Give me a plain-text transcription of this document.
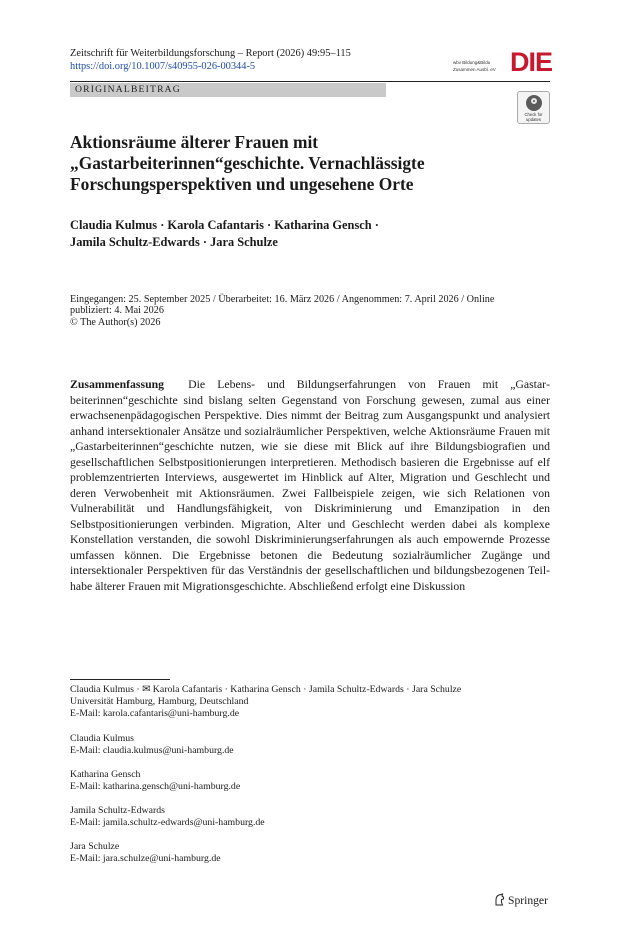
Zeitschrift für Weiterbildungsforschung – Report (2026) 49:95–115
https://doi.org/10.1007/s40955-026-00344-5	wbv Bildung&Bildu
Zusammen Ausbl. eV DIE
ORIGINALBEITRAG
Check for
updates
Aktionsräume älterer Frauen mit
„Gastarbeiterinnen“geschichte. Vernachlässigte
Forschungsperspektiven und ungesehene Orte
Claudia Kulmus · Karola Cafantaris · Katharina Gensch ·
Jamila Schultz-Edwards · Jara Schulze
Eingegangen: 25. September 2025 / Überarbeitet: 16. März 2026 / Angenommen: 7. April 2026 / Online
publiziert: 4. Mai 2026
© The Author(s) 2026
Zusammenfassung Die Lebens- und Bildungserfahrungen von Frauen mit „Gastarbeiterinnen“geschichte sind bislang selten Gegenstand von Forschung gewesen, zumal aus einer erwachsenenpädagogischen Perspektive. Dies nimmt der Beitrag zum Ausgangspunkt und analysiert anhand intersektionaler Ansätze und sozialräumlicher Perspektiven, welche Aktionsräume Frauen mit „Gastarbeiterinnen“geschichte nutzen, wie sie diese mit Blick auf ihre Bildungsbiografien und gesellschaftlichen Selbstpositionierungen interpretieren. Methodisch basieren die Ergebnisse auf elf problemzentrierten Interviews, ausgewertet im Hinblick auf Alter, Migration und Geschlecht und deren Verwobenheit mit Aktionsräumen. Zwei Fallbeispiele zeigen, wie sich Relationen von Vulnerabilität und Handlungsfähigkeit, von Diskriminierung und Emanzipation in den Selbstpositionierungen verbinden. Migration, Alter und Geschlecht werden dabei als komplexe Konstellation verstanden, die sowohl Diskriminierungserfahrungen als auch empowernde Prozesse umfassen können. Die Ergebnisse betonen die Bedeutung sozialräumlicher Zugänge und intersektionaler Perspektiven für das Verständnis der gesellschaftlichen und bildungsbezogenen Teilhabe älterer Frauen mit Migrationsgeschichte. Abschließend erfolgt eine Diskussion
Claudia Kulmus · ✉ Karola Cafantaris · Katharina Gensch · Jamila Schultz-Edwards · Jara Schulze
Universität Hamburg, Hamburg, Deutschland
E-Mail: karola.cafantaris@uni-hamburg.de
Claudia Kulmus
E-Mail: claudia.kulmus@uni-hamburg.de
Katharina Gensch
E-Mail: katharina.gensch@uni-hamburg.de
Jamila Schultz-Edwards
E-Mail: jamila.schultz-edwards@uni-hamburg.de
Jara Schulze
E-Mail: jara.schulze@uni-hamburg.de
Springer
